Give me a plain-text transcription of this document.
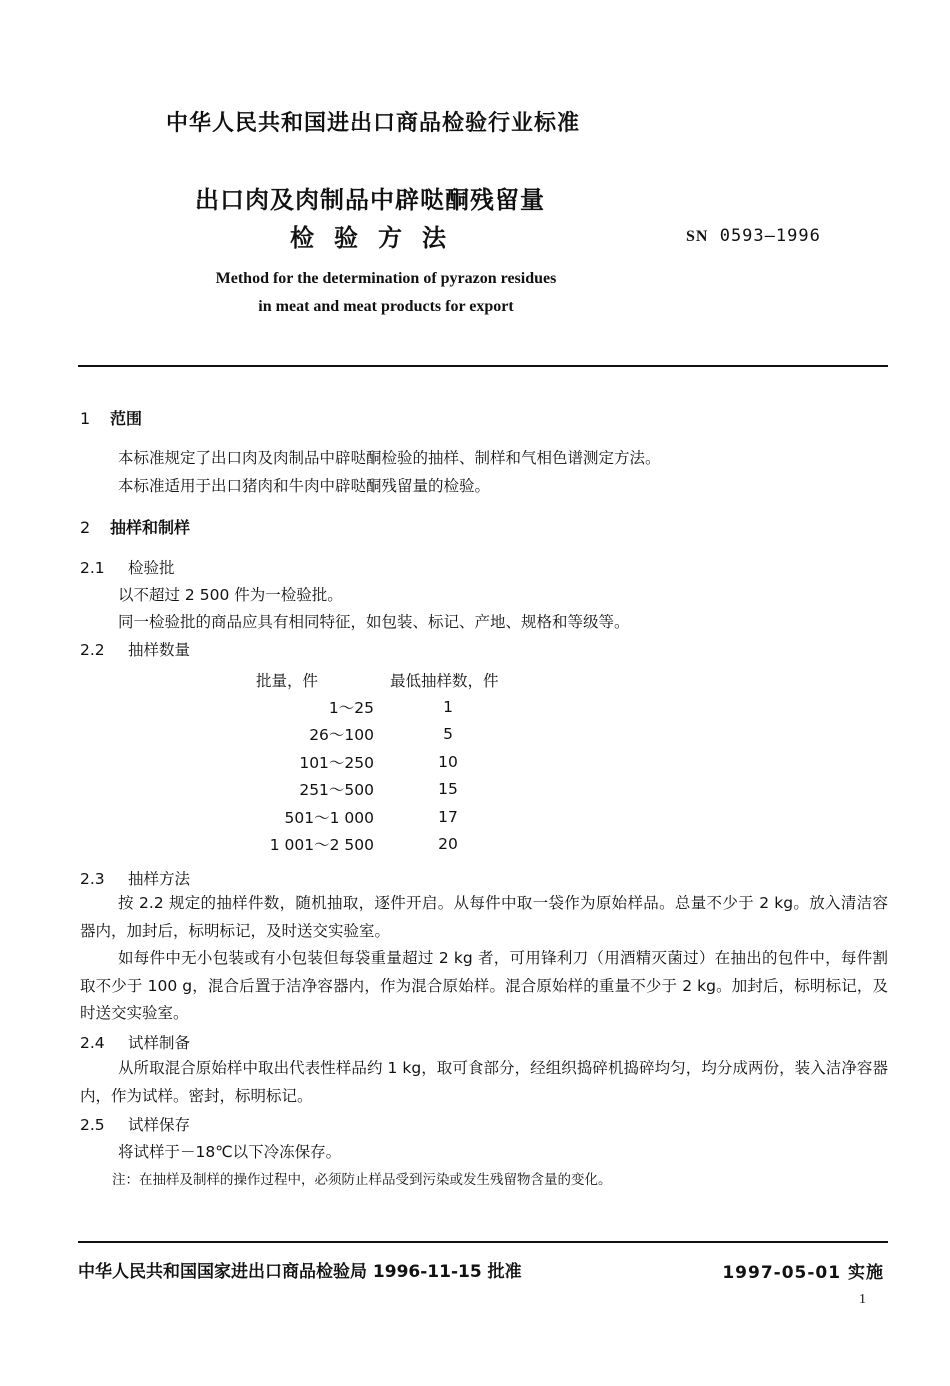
中华人民共和国进出口商品检验行业标准
出口肉及肉制品中辟哒酮残留量
检验方法	SN 0593—1996
Method for the determination of pyrazon residues
in meat and meat products for export
1 范围
本标准规定了出口肉及肉制品中辟哒酮检验的抽样、制样和气相色谱测定方法。
本标准适用于出口猪肉和牛肉中辟哒酮残留量的检验。
2 抽样和制样
2.1 检验批
以不超过 2 500 件为一检验批。
同一检验批的商品应具有相同特征，如包装、标记、产地、规格和等级等。
2.2 抽样数量
批量，件	最低抽样数，件
1～25	1
26～100	5
101～250	10
251～500	15
501～1 000	17
1 001～2 500	20
2.3 抽样方法
按 2.2 规定的抽样件数，随机抽取，逐件开启。从每件中取一袋作为原始样品。总量不少于 2 kg。放入清洁容器内，加封后，标明标记，及时送交实验室。
如每件中无小包装或有小包装但每袋重量超过 2 kg 者，可用锋利刀（用酒精灭菌过）在抽出的包件中，每件割取不少于 100 g，混合后置于洁净容器内，作为混合原始样。混合原始样的重量不少于 2 kg。加封后，标明标记，及时送交实验室。
2.4 试样制备
从所取混合原始样中取出代表性样品约 1 kg，取可食部分，经组织捣碎机捣碎均匀，均分成两份，装入洁净容器内，作为试样。密封，标明标记。
2.5 试样保存
将试样于－18℃以下冷冻保存。
注：在抽样及制样的操作过程中，必须防止样品受到污染或发生残留物含量的变化。
中华人民共和国国家进出口商品检验局 1996-11-15 批准	1997-05-01 实施
1
